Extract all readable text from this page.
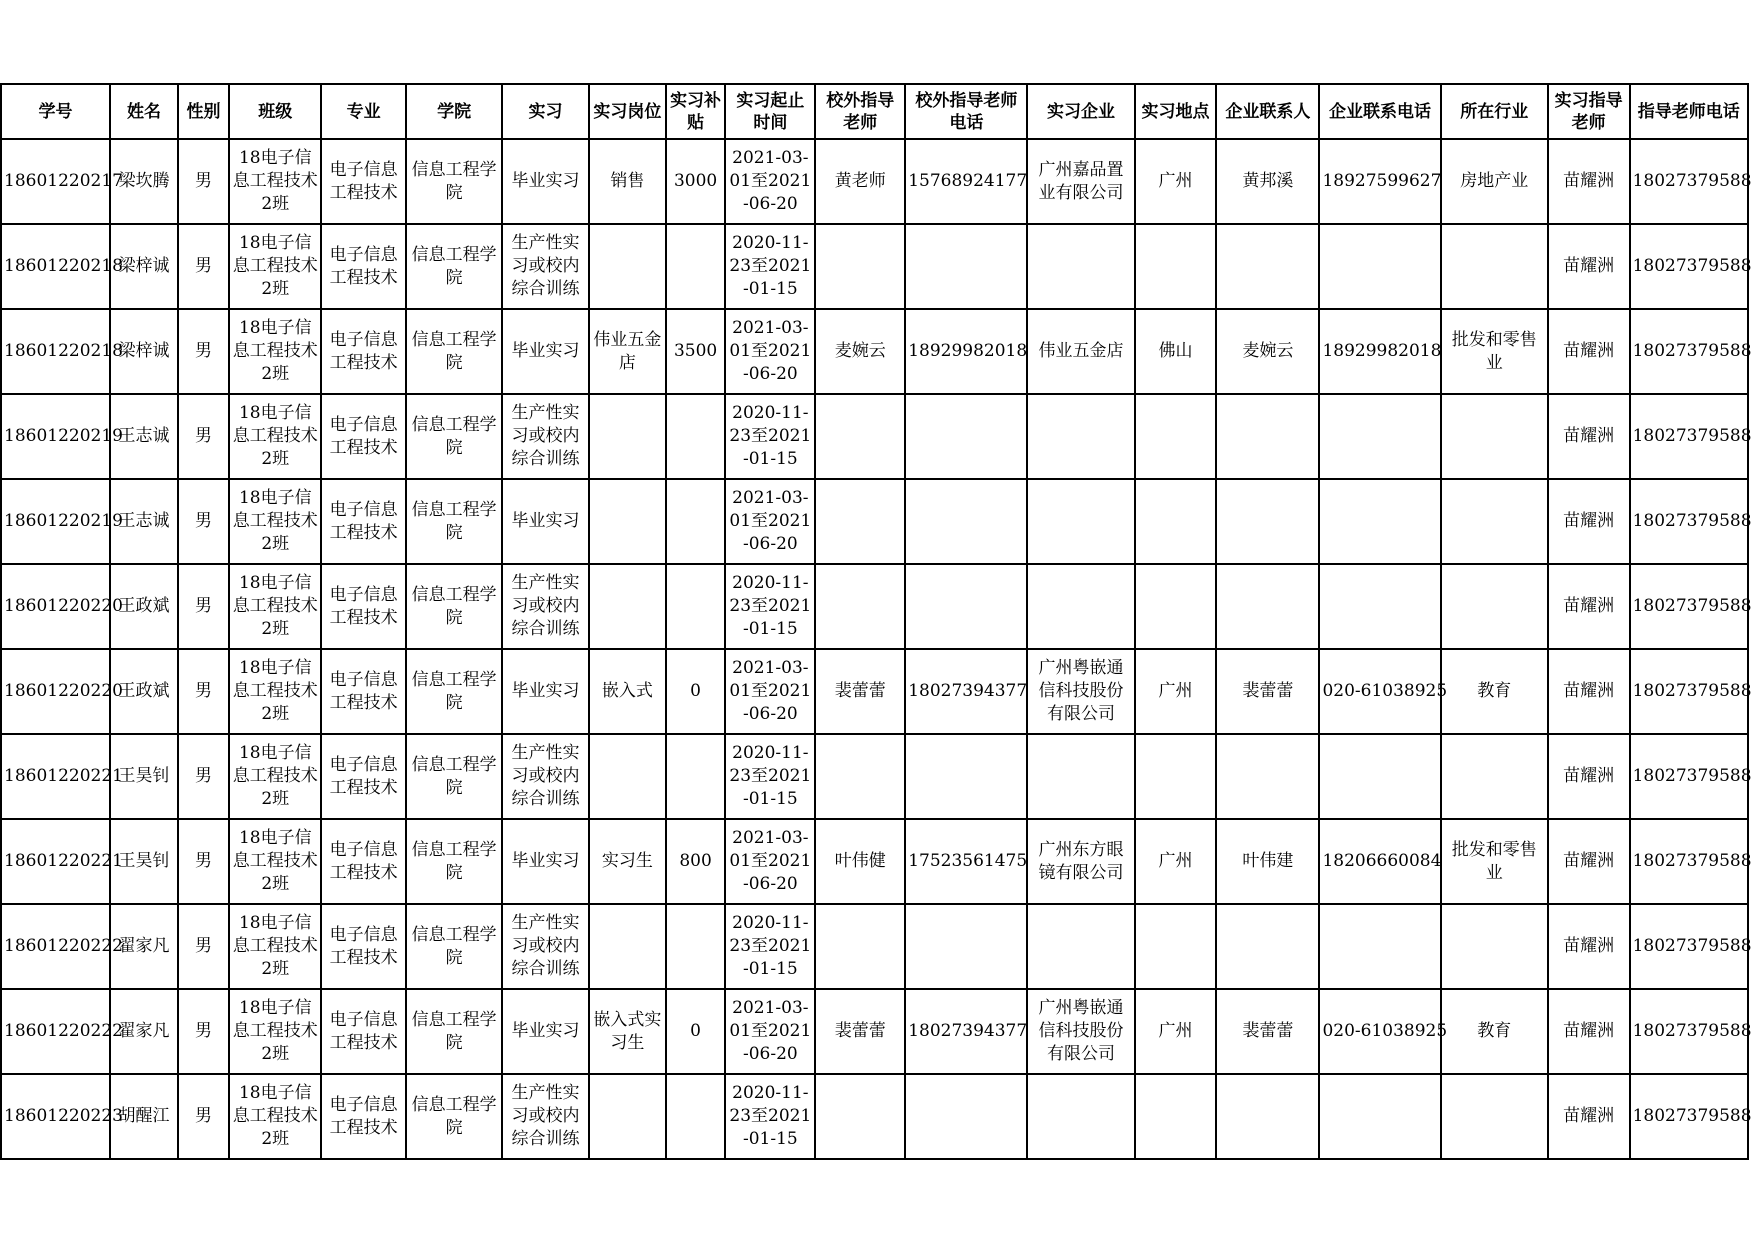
学号	姓名	性别	班级	专业	学院	实习	实习岗位	实习补贴	实习起止时间	校外指导老师	校外指导老师电话	实习企业	实习地点	企业联系人	企业联系电话	所在行业	实习指导老师	指导老师电话

18601220217	梁坎腾	男	18电子信息工程技术2班	电子信息工程技术	信息工程学院	毕业实习	销售	3000	2021-03-01至2021-06-20	黄老师	15768924177	广州嘉品置业有限公司	广州	黄邦溪	18927599627	房地产业	苗耀洲	18027379588

18601220218	梁梓诚	男	18电子信息工程技术2班	电子信息工程技术	信息工程学院	生产性实习或校内综合训练			2020-11-23至2021-01-15								苗耀洲	18027379588

18601220218	梁梓诚	男	18电子信息工程技术2班	电子信息工程技术	信息工程学院	毕业实习	伟业五金店	3500	2021-03-01至2021-06-20	麦婉云	18929982018	伟业五金店	佛山	麦婉云	18929982018	批发和零售业	苗耀洲	18027379588

18601220219	王志诚	男	18电子信息工程技术2班	电子信息工程技术	信息工程学院	生产性实习或校内综合训练			2020-11-23至2021-01-15								苗耀洲	18027379588

18601220219	王志诚	男	18电子信息工程技术2班	电子信息工程技术	信息工程学院	毕业实习			2021-03-01至2021-06-20								苗耀洲	18027379588

18601220220	王政斌	男	18电子信息工程技术2班	电子信息工程技术	信息工程学院	生产性实习或校内综合训练			2020-11-23至2021-01-15								苗耀洲	18027379588

18601220220	王政斌	男	18电子信息工程技术2班	电子信息工程技术	信息工程学院	毕业实习	嵌入式	0	2021-03-01至2021-06-20	裴蕾蕾	18027394377	广州粤嵌通信科技股份有限公司	广州	裴蕾蕾	020-61038925	教育	苗耀洲	18027379588

18601220221	王昊钊	男	18电子信息工程技术2班	电子信息工程技术	信息工程学院	生产性实习或校内综合训练			2020-11-23至2021-01-15								苗耀洲	18027379588

18601220221	王昊钊	男	18电子信息工程技术2班	电子信息工程技术	信息工程学院	毕业实习	实习生	800	2021-03-01至2021-06-20	叶伟健	17523561475	广州东方眼镜有限公司	广州	叶伟建	18206660084	批发和零售业	苗耀洲	18027379588

18601220222	翟家凡	男	18电子信息工程技术2班	电子信息工程技术	信息工程学院	生产性实习或校内综合训练			2020-11-23至2021-01-15								苗耀洲	18027379588

18601220222	翟家凡	男	18电子信息工程技术2班	电子信息工程技术	信息工程学院	毕业实习	嵌入式实习生	0	2021-03-01至2021-06-20	裴蕾蕾	18027394377	广州粤嵌通信科技股份有限公司	广州	裴蕾蕾	020-61038925	教育	苗耀洲	18027379588

18601220223	胡醒江	男	18电子信息工程技术2班	电子信息工程技术	信息工程学院	生产性实习或校内综合训练			2020-11-23至2021-01-15								苗耀洲	18027379588
